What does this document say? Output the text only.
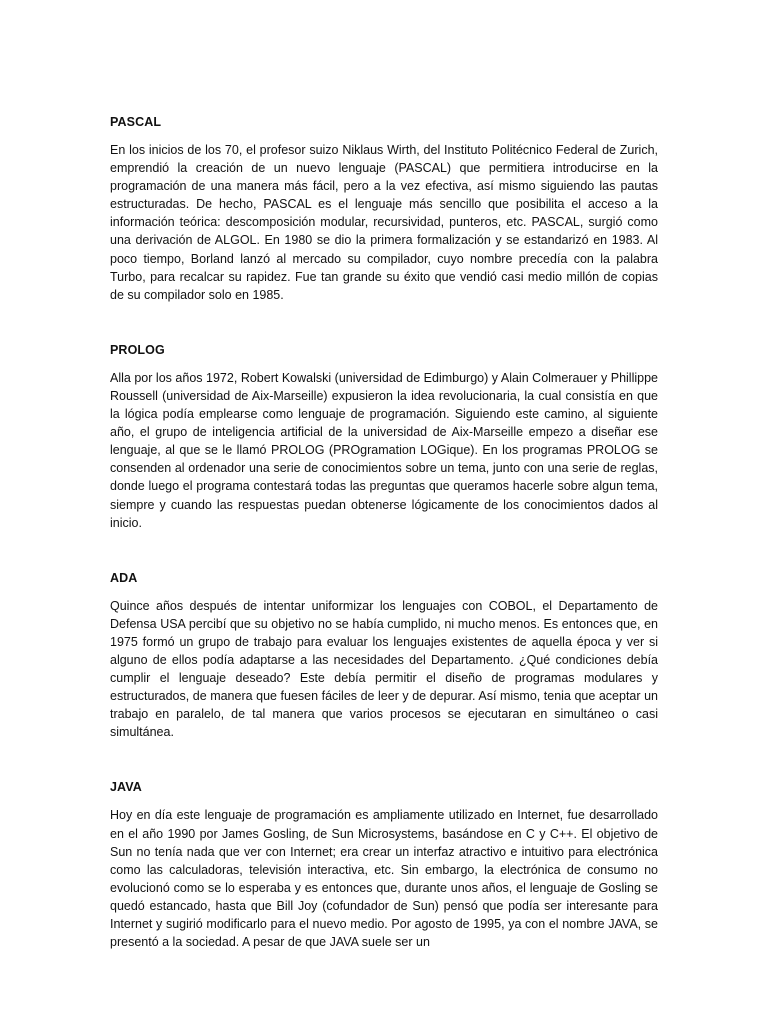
PASCAL

En los inicios de los 70, el profesor suizo Niklaus Wirth, del Instituto Politécnico Federal de Zurich, emprendió la creación de un nuevo lenguaje (PASCAL) que permitiera introducirse en la programación de una manera más fácil, pero a la vez efectiva, así mismo siguiendo las pautas estructuradas. De hecho, PASCAL es el lenguaje más sencillo que posibilita el acceso a la información teórica: descomposición modular, recursividad, punteros, etc. PASCAL, surgió como una derivación de ALGOL. En 1980 se dio la primera formalización y se estandarizó en 1983. Al poco tiempo, Borland lanzó al mercado su compilador, cuyo nombre precedía con la palabra Turbo, para recalcar su rapidez. Fue tan grande su éxito que vendió casi medio millón de copias de su compilador solo en 1985.

PROLOG

Alla por los años 1972, Robert Kowalski (universidad de Edimburgo) y Alain Colmerauer y Phillippe Roussell (universidad de Aix-Marseille) expusieron la idea revolucionaria, la cual consistía en que la lógica podía emplearse como lenguaje de programación. Siguiendo este camino, al siguiente año, el grupo de inteligencia artificial de la universidad de Aix-Marseille empezo a diseñar ese lenguaje, al que se le llamó PROLOG (PROgramation LOGique). En los programas PROLOG se consenden al ordenador una serie de conocimientos sobre un tema, junto con una serie de reglas, donde luego el programa contestará todas las preguntas que queramos hacerle sobre algun tema, siempre y cuando las respuestas puedan obtenerse lógicamente de los conocimientos dados al inicio.

ADA

Quince años después de intentar uniformizar los lenguajes con COBOL, el Departamento de Defensa USA percibí que su objetivo no se había cumplido, ni mucho menos. Es entonces que, en 1975 formó un grupo de trabajo para evaluar los lenguajes existentes de aquella época y ver si alguno de ellos podía adaptarse a las necesidades del Departamento. ¿Qué condiciones debía cumplir el lenguaje deseado? Este debía permitir el diseño de programas modulares y estructurados, de manera que fuesen fáciles de leer y de depurar. Así mismo, tenia que aceptar un trabajo en paralelo, de tal manera que varios procesos se ejecutaran en simultáneo o casi simultánea.

JAVA

Hoy en día este lenguaje de programación es ampliamente utilizado en Internet, fue desarrollado en el año 1990 por James Gosling, de Sun Microsystems, basándose en C y C++. El objetivo de Sun no tenía nada que ver con Internet; era crear un interfaz atractivo e intuitivo para electrónica como las calculadoras, televisión interactiva, etc. Sin embargo, la electrónica de consumo no evolucionó como se lo esperaba y es entonces que, durante unos años, el lenguaje de Gosling se quedó estancado, hasta que Bill Joy (cofundador de Sun) pensó que podía ser interesante para Internet y sugirió modificarlo para el nuevo medio. Por agosto de 1995, ya con el nombre JAVA, se presentó a la sociedad. A pesar de que JAVA suele ser un
